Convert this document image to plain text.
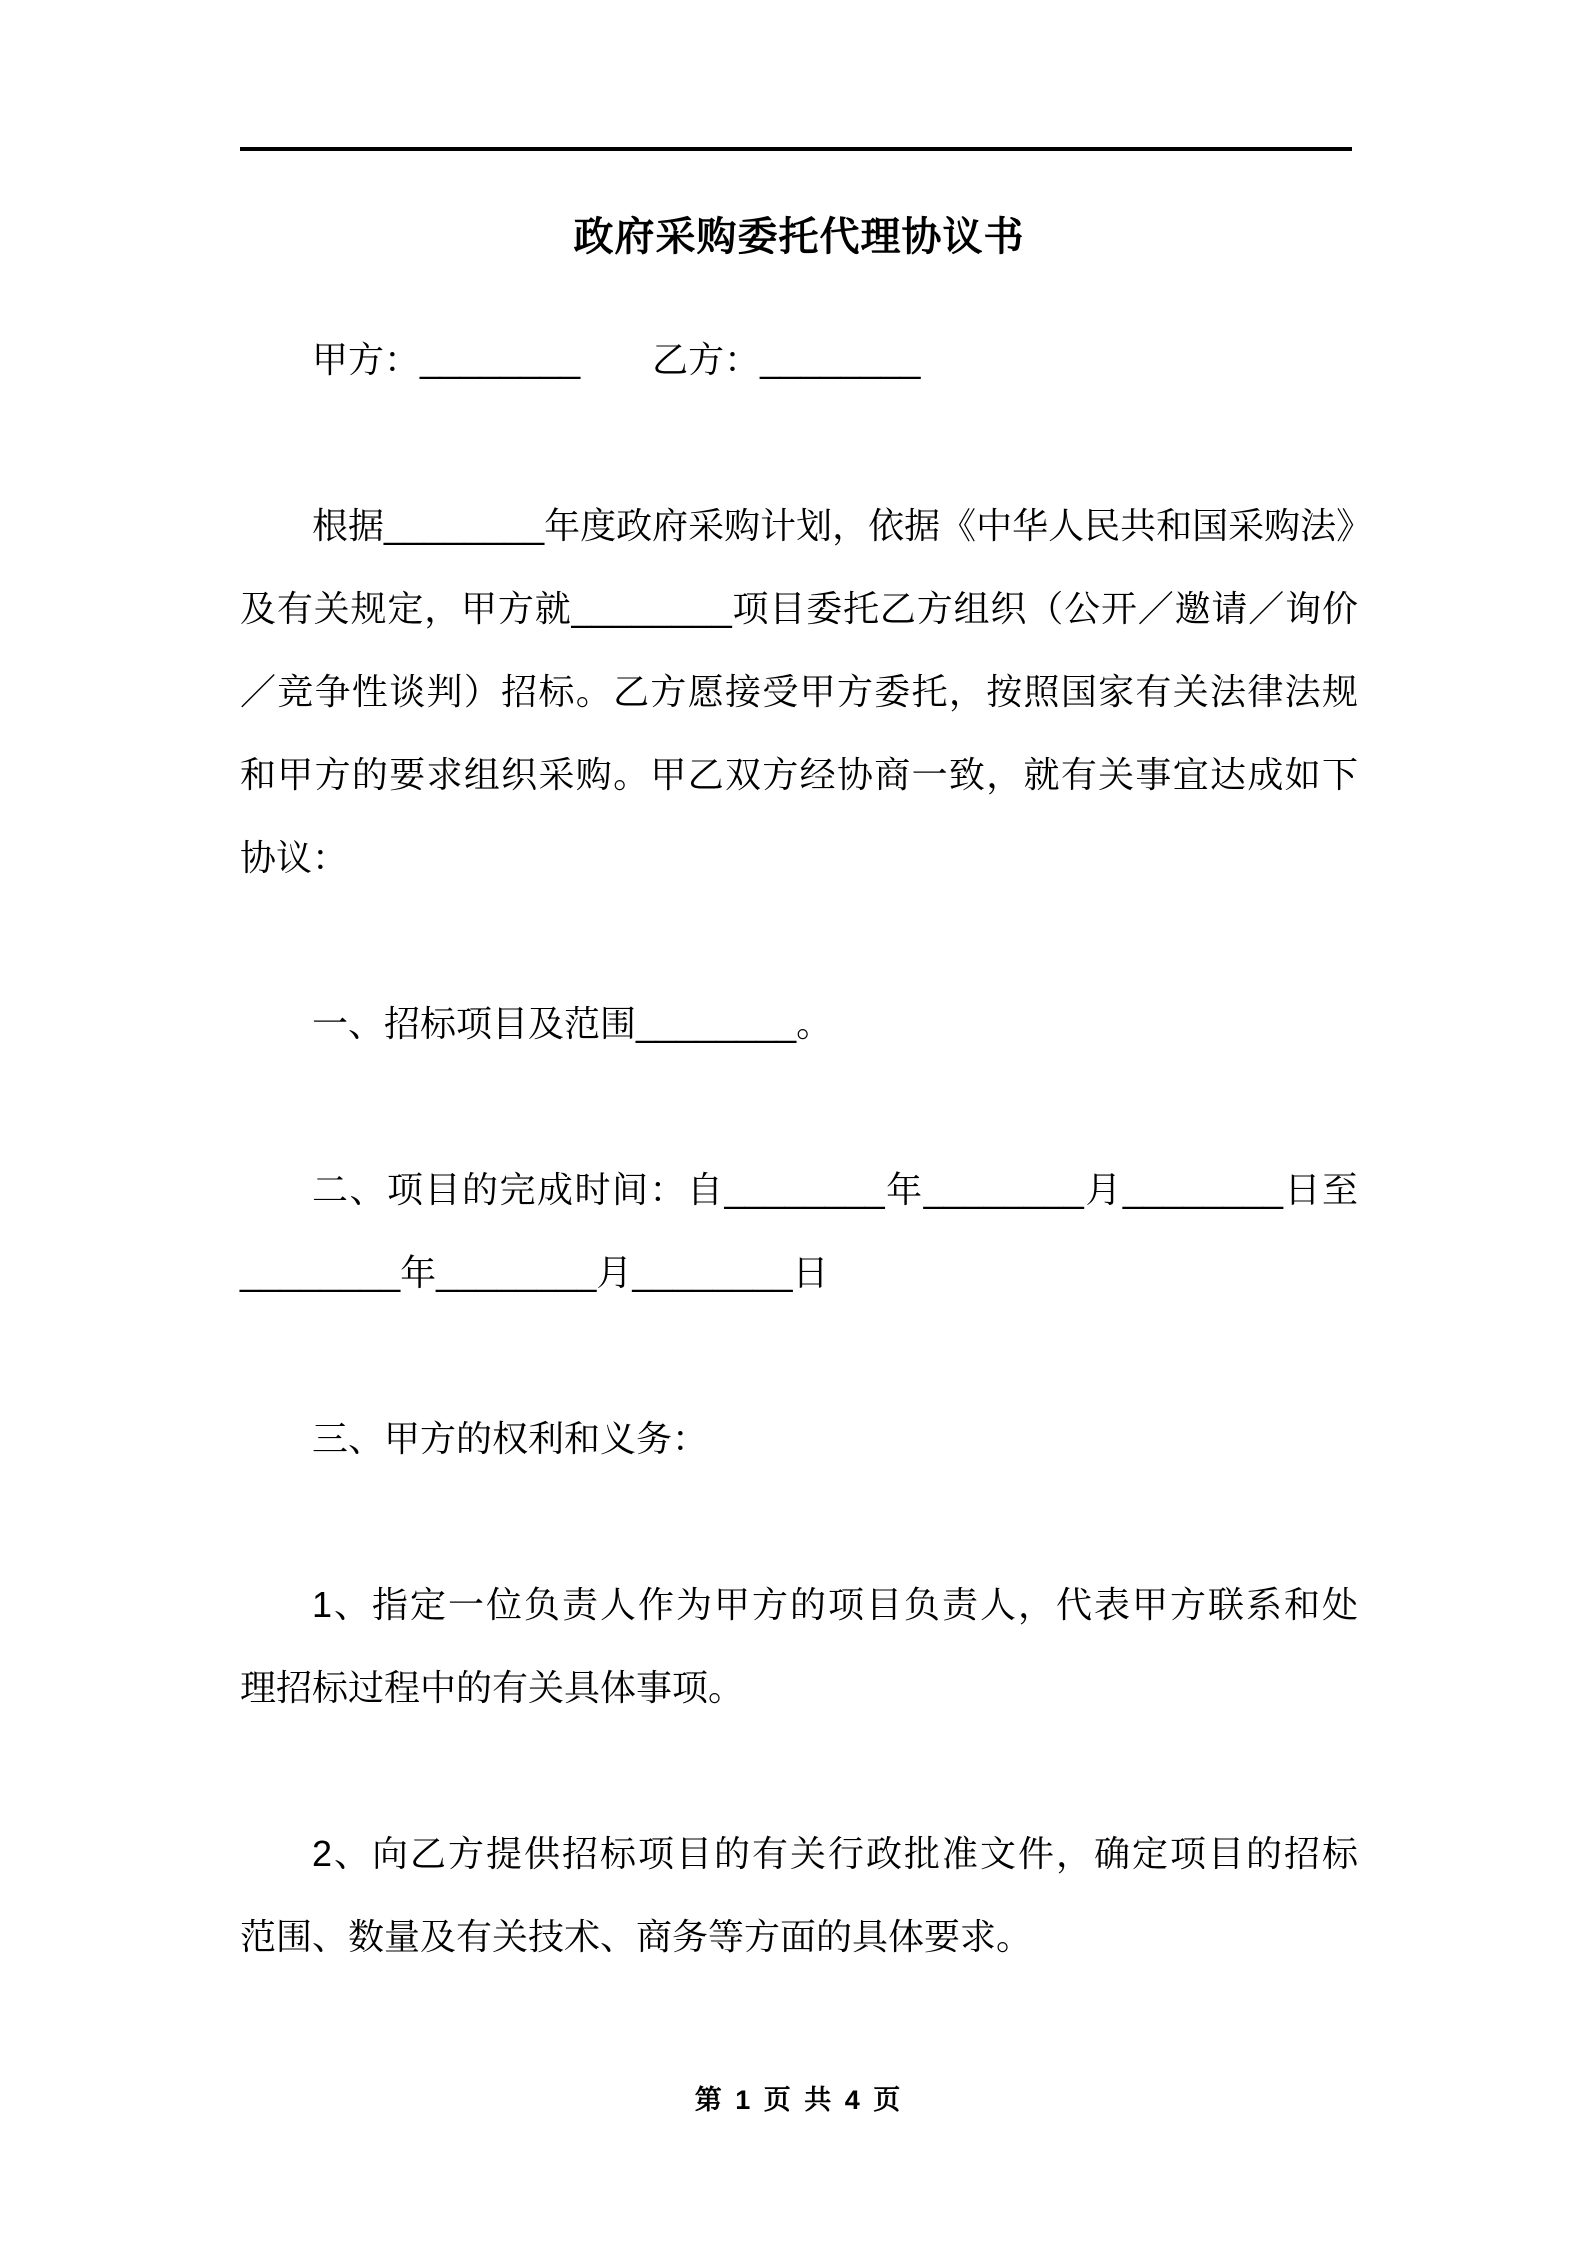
政府采购委托代理协议书
甲方：________　　乙方：________
根据________年度政府采购计划，依据《中华人民共和国采购法》
及有关规定，甲方就________项目委托乙方组织（公开／邀请／询价
／竞争性谈判）招标。乙方愿接受甲方委托，按照国家有关法律法规
和甲方的要求组织采购。甲乙双方经协商一致，就有关事宜达成如下
协议：
一、招标项目及范围________。
二、项目的完成时间：自________年________月________日至
________年________月________日
三、甲方的权利和义务：
1、指定一位负责人作为甲方的项目负责人，代表甲方联系和处
理招标过程中的有关具体事项。
2、向乙方提供招标项目的有关行政批准文件，确定项目的招标
范围、数量及有关技术、商务等方面的具体要求。
第 1 页 共 4 页
